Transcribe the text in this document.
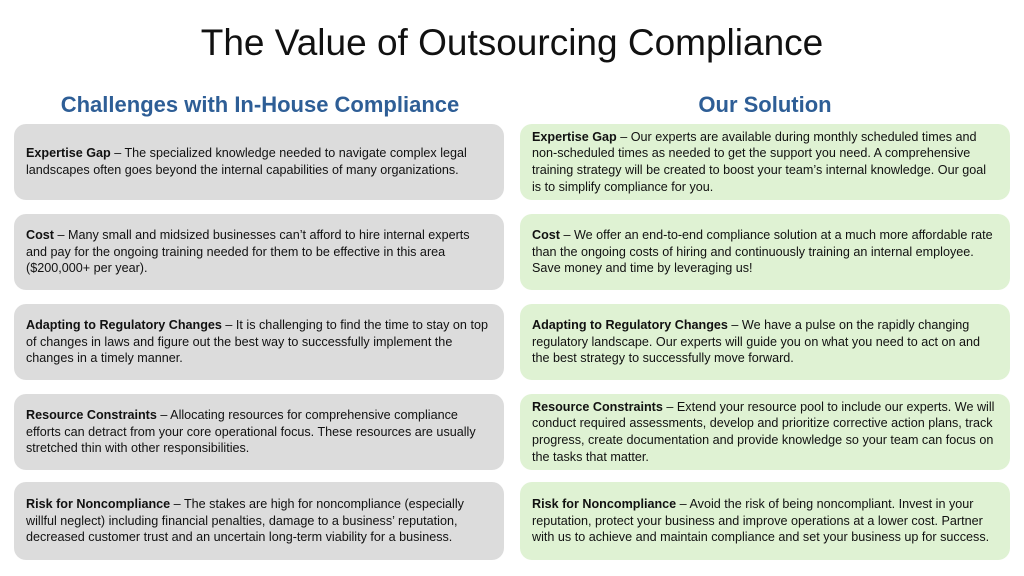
The Value of Outsourcing Compliance
Challenges with In-House Compliance	Our Solution
Expertise Gap – The specialized knowledge needed to navigate complex legal landscapes often goes beyond the internal capabilities of many organizations.
Cost – Many small and midsized businesses can’t afford to hire internal experts and pay for the ongoing training needed for them to be effective in this area ($200,000+ per year).
Adapting to Regulatory Changes – It is challenging to find the time to stay on top of changes in laws and figure out the best way to successfully implement the changes in a timely manner.
Resource Constraints – Allocating resources for comprehensive compliance efforts can detract from your core operational focus. These resources are usually stretched thin with other responsibilities.
Risk for Noncompliance – The stakes are high for noncompliance (especially willful neglect) including financial penalties, damage to a business’ reputation, decreased customer trust and an uncertain long-term viability for a business.
Expertise Gap – Our experts are available during monthly scheduled times and non-scheduled times as needed to get the support you need. A comprehensive training strategy will be created to boost your team’s internal knowledge. Our goal is to simplify compliance for you.
Cost – We offer an end-to-end compliance solution at a much more affordable rate than the ongoing costs of hiring and continuously training an internal employee. Save money and time by leveraging us!
Adapting to Regulatory Changes – We have a pulse on the rapidly changing regulatory landscape. Our experts will guide you on what you need to act on and the best strategy to successfully move forward.
Resource Constraints – Extend your resource pool to include our experts. We will conduct required assessments, develop and prioritize corrective action plans, track progress, create documentation and provide knowledge so your team can focus on the tasks that matter.
Risk for Noncompliance – Avoid the risk of being noncompliant. Invest in your reputation, protect your business and improve operations at a lower cost. Partner with us to achieve and maintain compliance and set your business up for success.
